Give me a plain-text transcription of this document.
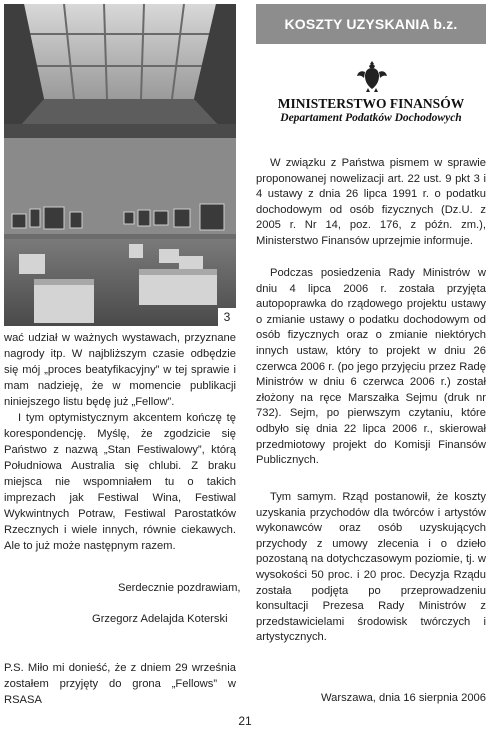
3

wać udział w ważnych wystawach, przyznane nagrody itp. W najbliższym czasie odbędzie się mój „proces beatyfikacyjny” w tej sprawie i mam nadzieję, że w momencie publikacji niniejszego listu będę już „Fellow”.

I tym optymistycznym akcentem kończę tę korespondencję. Myślę, że zgodzicie się Państwo z nazwą „Stan Festiwalowy”, którą Południowa Australia się chlubi. Z braku miejsca nie wspomniałem tu o takich imprezach jak Festiwal Wina, Festiwal Wykwintnych Potraw, Festiwal Parostatków Rzecznych i wiele innych, równie ciekawych. Ale to już może następnym razem.

Serdecznie pozdrawiam,
Grzegorz Adelajda Koterski
P.S. Miło mi donieść, że z dniem 29 września zostałem przyjęty do grona „Fellows” w RSASA
KOSZTY UZYSKANIA b.z.
MINISTERSTWO FINANSÓW
Departament Podatków Dochodowych
W związku z Państwa pismem w sprawie proponowanej nowelizacji art. 22 ust. 9 pkt 3 i 4 ustawy z dnia 26 lipca 1991 r. o podatku dochodowym od osób fizycznych (Dz.U. z 2005 r. Nr 14, poz. 176, z późn. zm.), Ministerstwo Finansów uprzejmie informuje.
Podczas posiedzenia Rady Ministrów w dniu 4 lipca 2006 r. została przyjęta autopoprawka do rządowego projektu ustawy o zmianie ustawy o podatku dochodowym od osób fizycznych oraz o zmianie niektórych innych ustaw, który to projekt w dniu 26 czerwca 2006 r. (po jego przyjęciu przez Radę Ministrów w dniu 6 czerwca 2006 r.) został złożony na ręce Marszałka Sejmu (druk nr 732). Sejm, po pierwszym czytaniu, które odbyło się dnia 22 lipca 2006 r., skierował przedmiotowy projekt do Komisji Finansów Publicznych.
Tym samym. Rząd postanowił, że koszty uzyskania przychodów dla twórców i artystów wykonawców oraz osób uzyskujących przychody z umowy zlecenia i o dzieło pozostaną na dotychczasowym poziomie, tj. w wysokości 50 proc. i 20 proc. Decyzja Rządu została podjęta po przeprowadzeniu konsultacji Prezesa Rady Ministrów z przedstawicielami środowisk twórczych i artystycznych.
Warszawa, dnia 16 sierpnia 2006
21
